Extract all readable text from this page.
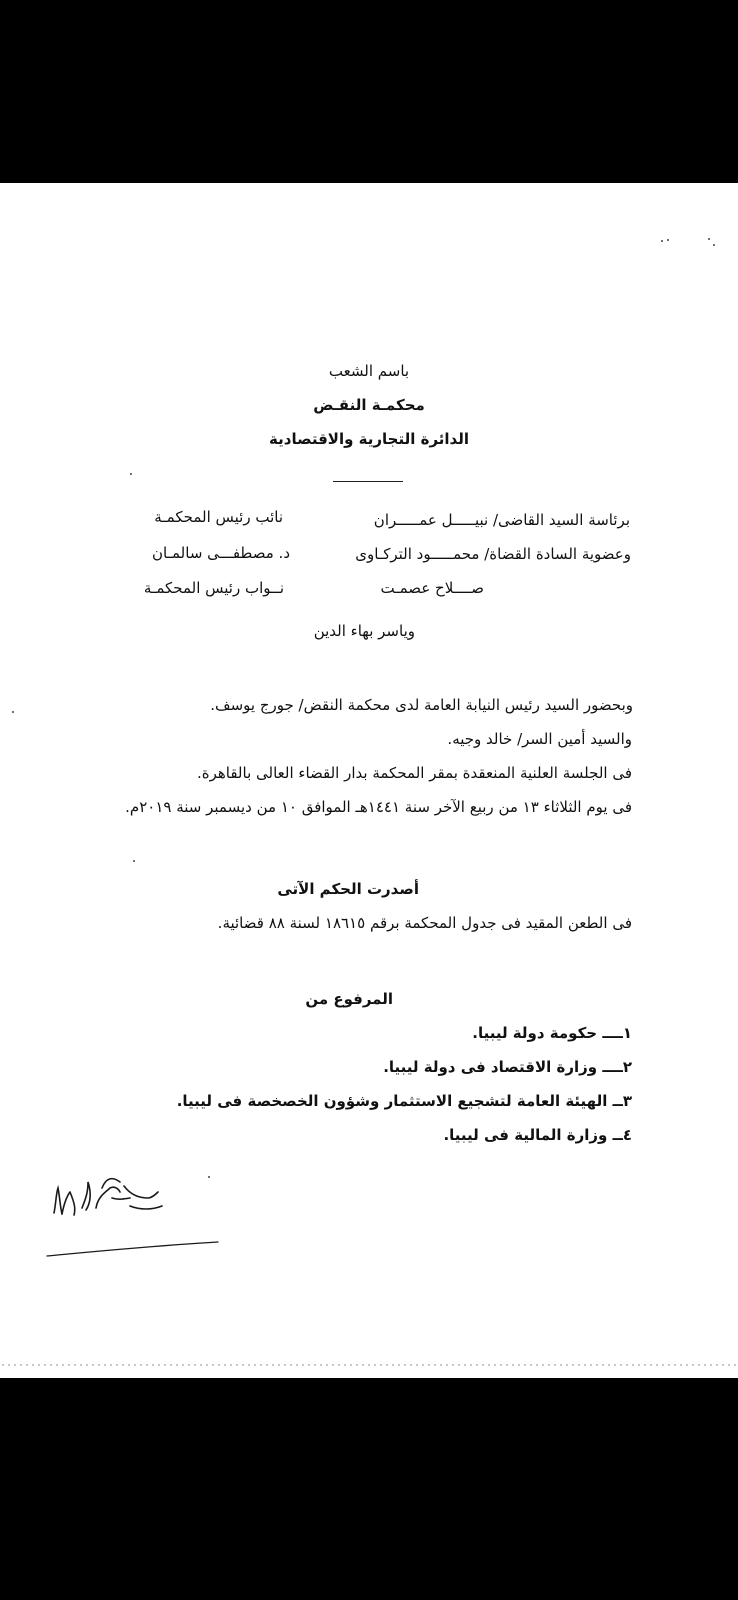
باسم الشعب
محكمـة النقـض
الدائرة التجارية والاقتصادية
برئاسة السيد القاضى/ نبيـــــل عمـــــران
نائب رئيس المحكمـة
وعضوية السادة القضاة/ محمـــــود التركـاوى
د. مصطفـــى سالمـان
صــــلاح عصمـت
نــواب رئيس المحكمـة
وياسر بهاء الدين
وبحضور السيد رئيس النيابة العامة لدى محكمة النقض/ جورج يوسف.
والسيد أمين السر/ خالد وجيه.
فى الجلسة العلنية المنعقدة بمقر المحكمة بدار القضاء العالى بالقاهرة.
فى يوم الثلاثاء ١٣ من ربيع الآخر سنة ١٤٤١هـ الموافق ١٠ من ديسمبر سنة ٢٠١٩م.
أصدرت الحكم الآتى
فى الطعن المقيد فى جدول المحكمة برقم ١٨٦١٥ لسنة ٨٨ قضائية.
المرفوع من
١ــــ حكومة دولة ليبيا.
٢ــــ وزارة الاقتصاد فى دولة ليبيا.
٣ــ الهيئة العامة لتشجيع الاستثمار وشؤون الخصخصة فى ليبيا.
٤ــ وزارة المالية فى ليبيا.
